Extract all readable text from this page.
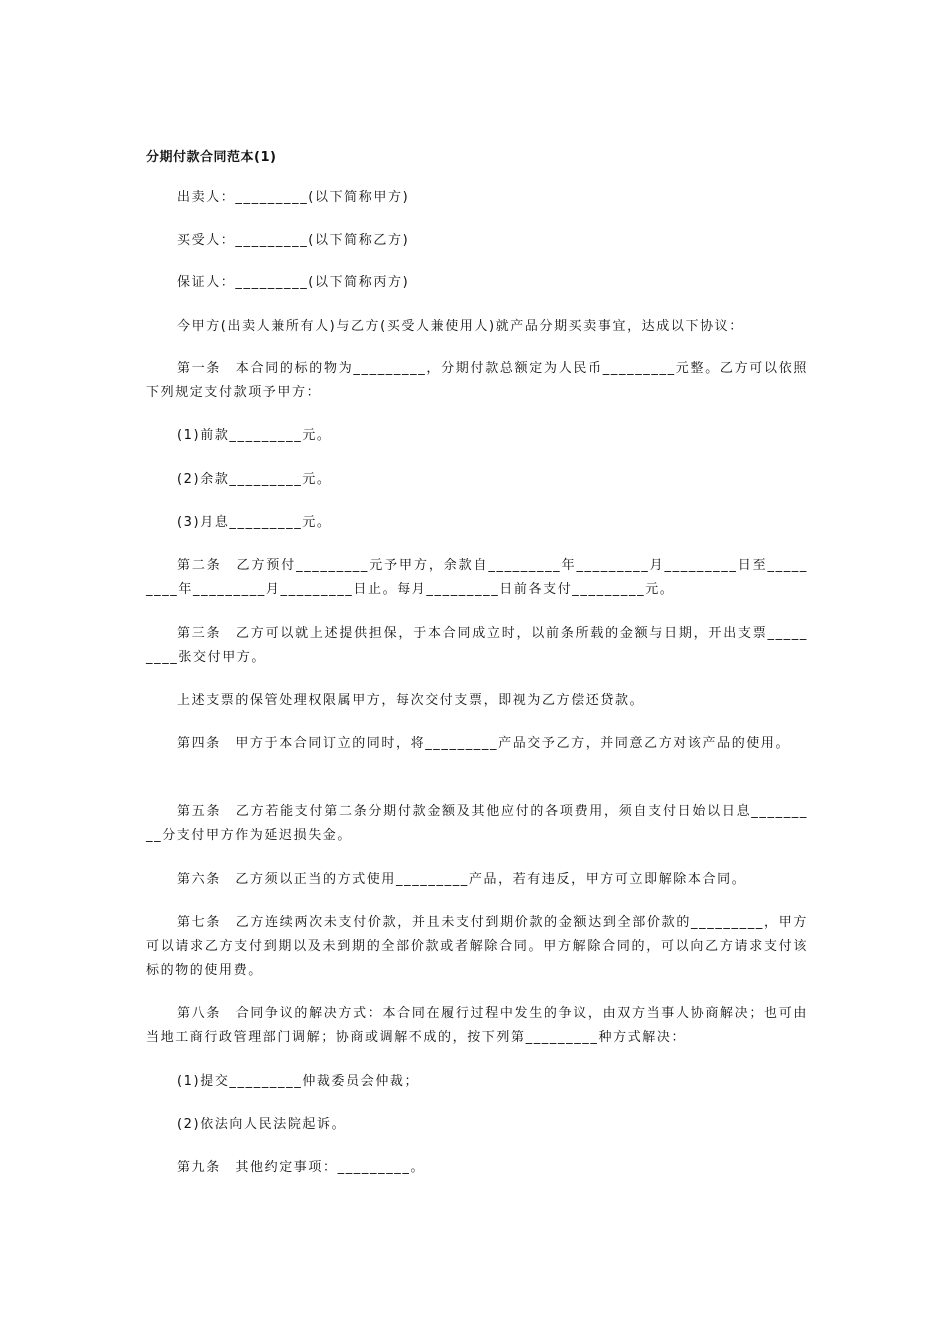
分期付款合同范本(1)

出卖人：_________(以下简称甲方)

买受人：_________(以下简称乙方)

保证人：_________(以下简称丙方)

今甲方(出卖人兼所有人)与乙方(买受人兼使用人)就产品分期买卖事宜，达成以下协议：

第一条　本合同的标的物为_________，分期付款总额定为人民币_________元整。乙方可以依照下列规定支付款项予甲方：

(1)前款_________元。

(2)余款_________元。

(3)月息_________元。

第二条　乙方预付_________元予甲方，余款自_________年_________月_________日至_________年_________月_________日止。每月_________日前各支付_________元。

第三条　乙方可以就上述提供担保，于本合同成立时，以前条所载的金额与日期，开出支票_________张交付甲方。

上述支票的保管处理权限属甲方，每次交付支票，即视为乙方偿还贷款。

第四条　甲方于本合同订立的同时，将_________产品交予乙方，并同意乙方对该产品的使用。

第五条　乙方若能支付第二条分期付款金额及其他应付的各项费用，须自支付日始以日息_________分支付甲方作为延迟损失金。

第六条　乙方须以正当的方式使用_________产品，若有违反，甲方可立即解除本合同。

第七条　乙方连续两次未支付价款，并且未支付到期价款的金额达到全部价款的_________，甲方可以请求乙方支付到期以及未到期的全部价款或者解除合同。甲方解除合同的，可以向乙方请求支付该标的物的使用费。

第八条　合同争议的解决方式：本合同在履行过程中发生的争议，由双方当事人协商解决；也可由当地工商行政管理部门调解；协商或调解不成的，按下列第_________种方式解决：

(1)提交_________仲裁委员会仲裁；

(2)依法向人民法院起诉。

第九条　其他约定事项：_________。
